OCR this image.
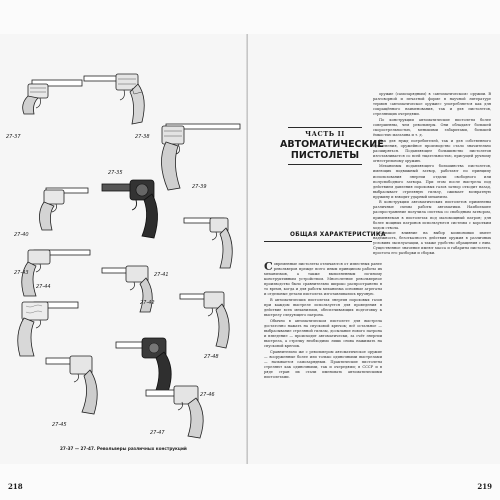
27-37	27-38
27-39
27-40
27-35
27-41
27-43
27-42
27-44
27-48
27-45
27-46
27-47
27-37 — 27-47. Револьверы различных конструкций
218
ЧАСТЬ II
АВТОМАТИЧЕСКИЕ
ПИСТОЛЕТЫ
ОБЩАЯ ХАРАКТЕРИСТИКА

Современные пистолеты отличаются от известных ранее револьверов прежде всего иным принципом работы их механизмов, а также выполненным по-иному конструктивным устройством. Многолетние револьверное производство было сравнительно широко распространено в то время, когда и для работы механизма основные агрегаты и отдельные детали пистолета изготавливались вручную.

В автоматических пистолетах энергия пороховых газов при каждом выстреле используется для проведения в действие всех механизмов, обеспечивающих подготовку к выстрелу следующего патрона.

Обычно в автоматическом пистолете для выстрела достаточно нажать на спусковой крючок; всё остальное — выбрасывание стреляной гильзы, досылание нового патрона и взведение — происходит автоматически, за счёт энергии выстрела, а стрелку необходимо лишь снова нажимать на спусковой крючок.

Сравнительно же с револьвером автоматическое оружие — вооруженные более или только одиночными выстрелами — называется самозарядным. Практические пистолеты стреляют как одиночными, так и очередями; в СССР и в ряде стран их стали именовать автоматическими пистолетами.

оружие (самозарядным) в «автоматическом» оружии. В разговорной и печатной форме в научной литературе термин «автоматическое оружие» употребляется как для сокращённого наименования, так и для пистолетов, стреляющих очередями.

По конструкции автоматические пистолеты более совершенны, чем револьверы. Они обладают большей скорострельностью, меньшими габаритами, большей ёмкостью магазина и т. д.

Как для нужд потребителей, так и для собственного применения, оружейное производство стало значительно расширяться. Подавляющее большинство пистолетов изготавливается со всей тщательностью, присущей ручному огнестрельному оружию.

Механизмы подавляющего большинства пистолетов, имеющих подвижный затвор, работают по принципу использования энергии отдачи свободного или полусвободного затвора. При этом после выстрела под действием давления пороховых газов затвор отходит назад, выбрасывает стреляную гильзу, сжимает возвратную пружину и взводит ударный механизм.

В конструкции автоматических пистолетов применены различные схемы работы автоматики. Наибольшее распространение получила система со свободным затвором, применяемая в пистолетах под маломощный патрон; для более мощных патронов используются системы с коротким ходом ствола.

Большое влияние на выбор компоновки имеет надёжность, безотказность действия оружия в различных условиях эксплуатации, а также удобство обращения с ним. Существенное значение имеют масса и габариты пистолета, простота его разборки и сборки.

219
